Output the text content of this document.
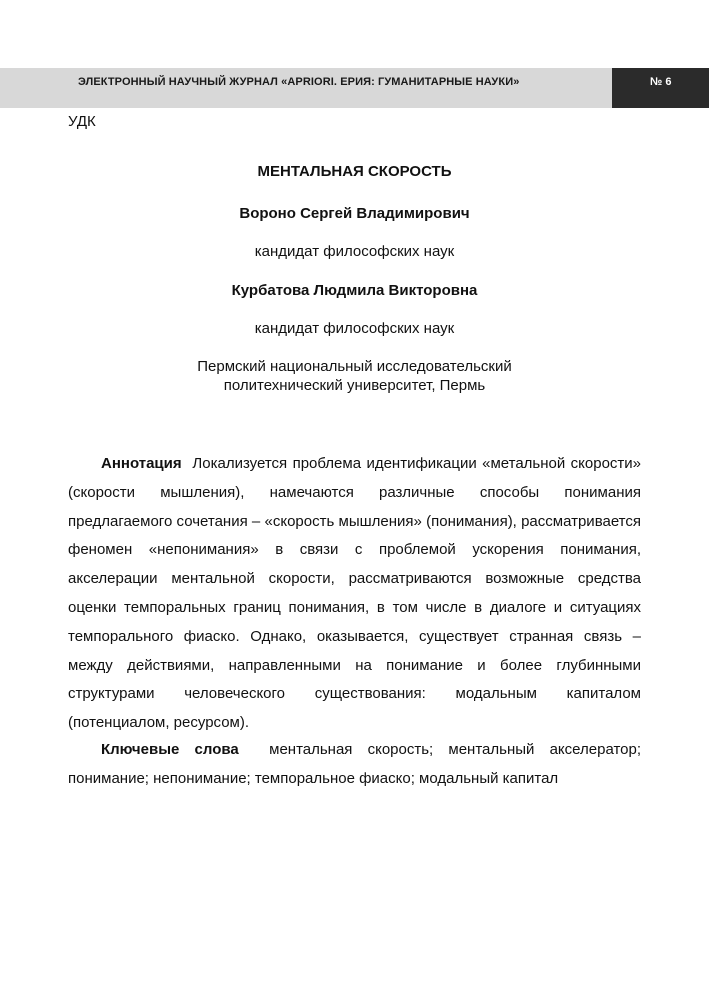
ЭЛЕКТРОННЫЙ НАУЧНЫЙ ЖУРНАЛ «APRIORI. ЕРИЯ: ГУМАНИТАРНЫЕ НАУКИ»	№ 6
УДК
МЕНТАЛЬНАЯ СКОРОСТЬ
Вороно Сергей Владимирович
кандидат философских наук
Курбатова Людмила Викторовна
кандидат философских наук
Пермский национальный исследовательский
политехнический университет, Пермь

Аннотация Локализуется проблема идентификации «метальной скорости» (скорости мышления), намечаются различные способы понимания предлагаемого сочетания – «скорость мышления» (понимания), рассматривается феномен «непонимания» в связи с проблемой ускорения понимания, акселерации ментальной скорости, рассматриваются возможные средства оценки темпоральных границ понимания, в том числе в диалоге и ситуациях темпорального фиаско. Однако, оказывается, существует странная связь – между действиями, направленными на понимание и более глубинными структурами человеческого существования: модальным капиталом (потенциалом, ресурсом).

Ключевые слова ментальная скорость; ментальный акселератор; понимание; непонимание; темпоральное фиаско; модальный капитал
